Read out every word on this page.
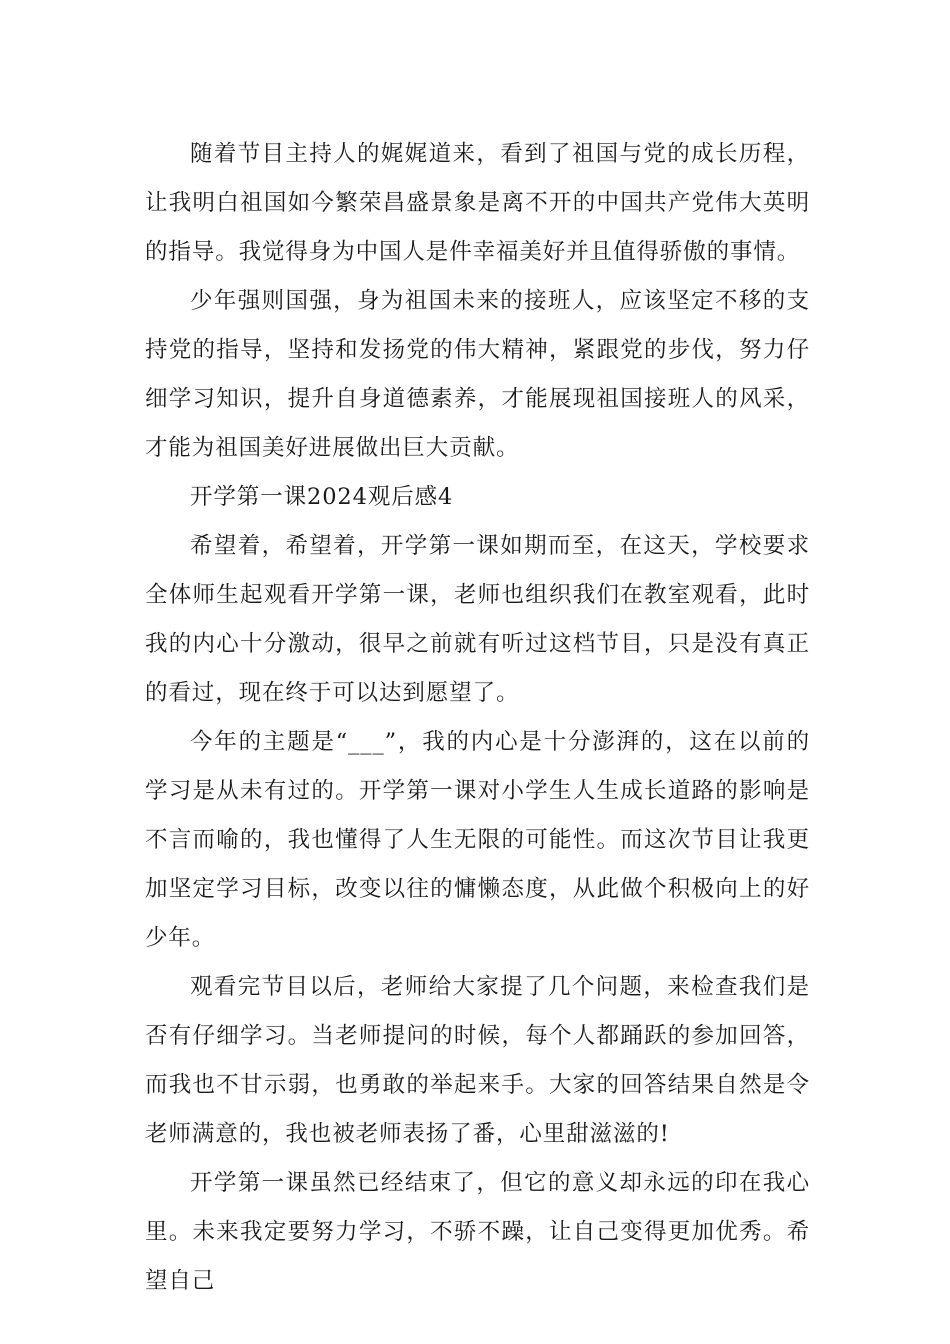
随着节目主持人的娓娓道来，看到了祖国与党的成长历程，让我明白祖国如今繁荣昌盛景象是离不开的中国共产党伟大英明的指导。我觉得身为中国人是件幸福美好并且值得骄傲的事情。

少年强则国强，身为祖国未来的接班人，应该坚定不移的支持党的指导，坚持和发扬党的伟大精神，紧跟党的步伐，努力仔细学习知识，提升自身道德素养，才能展现祖国接班人的风采，才能为祖国美好进展做出巨大贡献。

开学第一课2024观后感4

希望着，希望着，开学第一课如期而至，在这天，学校要求全体师生起观看开学第一课，老师也组织我们在教室观看，此时我的内心十分激动，很早之前就有听过这档节目，只是没有真正的看过，现在终于可以达到愿望了。

今年的主题是“___”，我的内心是十分澎湃的，这在以前的学习是从未有过的。开学第一课对小学生人生成长道路的影响是不言而喻的，我也懂得了人生无限的可能性。而这次节目让我更加坚定学习目标，改变以往的慵懒态度，从此做个积极向上的好少年。

观看完节目以后，老师给大家提了几个问题，来检查我们是否有仔细学习。当老师提问的时候，每个人都踊跃的参加回答，而我也不甘示弱，也勇敢的举起来手。大家的回答结果自然是令老师满意的，我也被老师表扬了番，心里甜滋滋的!

开学第一课虽然已经结束了，但它的意义却永远的印在我心里。未来我定要努力学习，不骄不躁，让自己变得更加优秀。希望自己
